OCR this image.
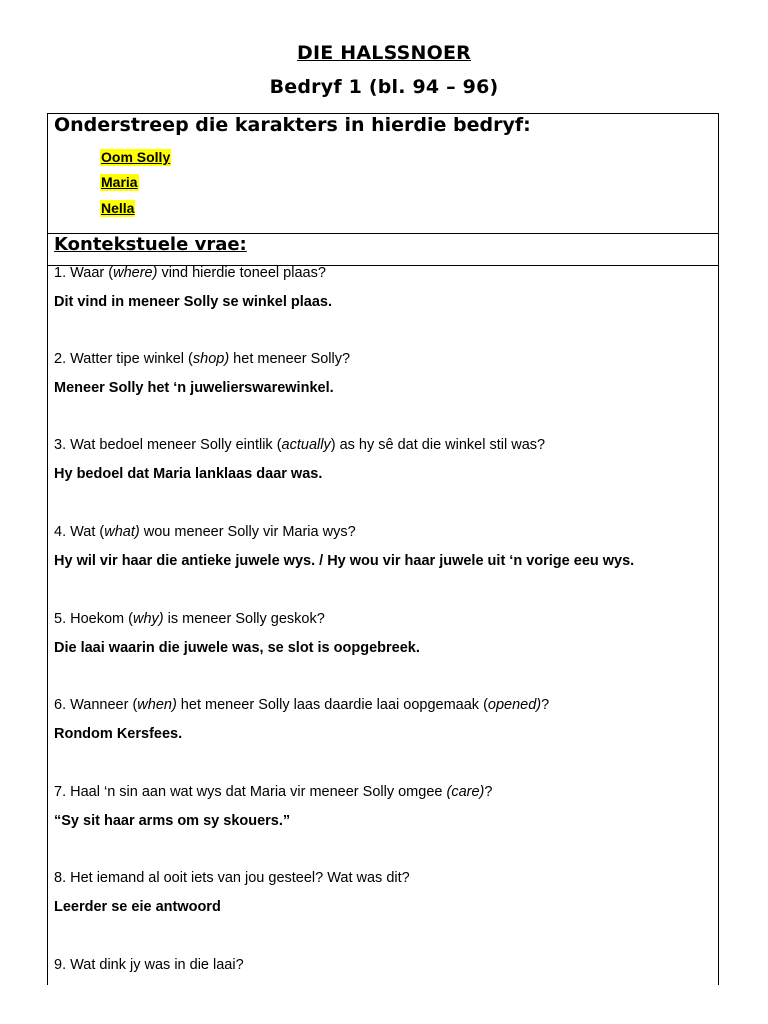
DIE HALSSNOER
Bedryf 1 (bl. 94 – 96)
Onderstreep die karakters in hierdie bedryf:
Oom Solly
Maria
Nella
Kontekstuele vrae:
1. Waar (where) vind hierdie toneel plaas?
Dit vind in meneer Solly se winkel plaas.
2. Watter tipe winkel (shop) het meneer Solly?
Meneer Solly het ‘n juwelierswarewinkel.
3. Wat bedoel meneer Solly eintlik (actually) as hy sê dat die winkel stil was?
Hy bedoel dat Maria lanklaas daar was.
4. Wat (what) wou meneer Solly vir Maria wys?
Hy wil vir haar die antieke juwele wys. / Hy wou vir haar juwele uit ‘n vorige eeu wys.
5. Hoekom (why) is meneer Solly geskok?
Die laai waarin die juwele was, se slot is oopgebreek.
6. Wanneer (when) het meneer Solly laas daardie laai oopgemaak (opened)?
Rondom Kersfees.
7. Haal ‘n sin aan wat wys dat Maria vir meneer Solly omgee (care)?
“Sy sit haar arms om sy skouers.”
8. Het iemand al ooit iets van jou gesteel? Wat was dit?
Leerder se eie antwoord
9. Wat dink jy was in die laai?
